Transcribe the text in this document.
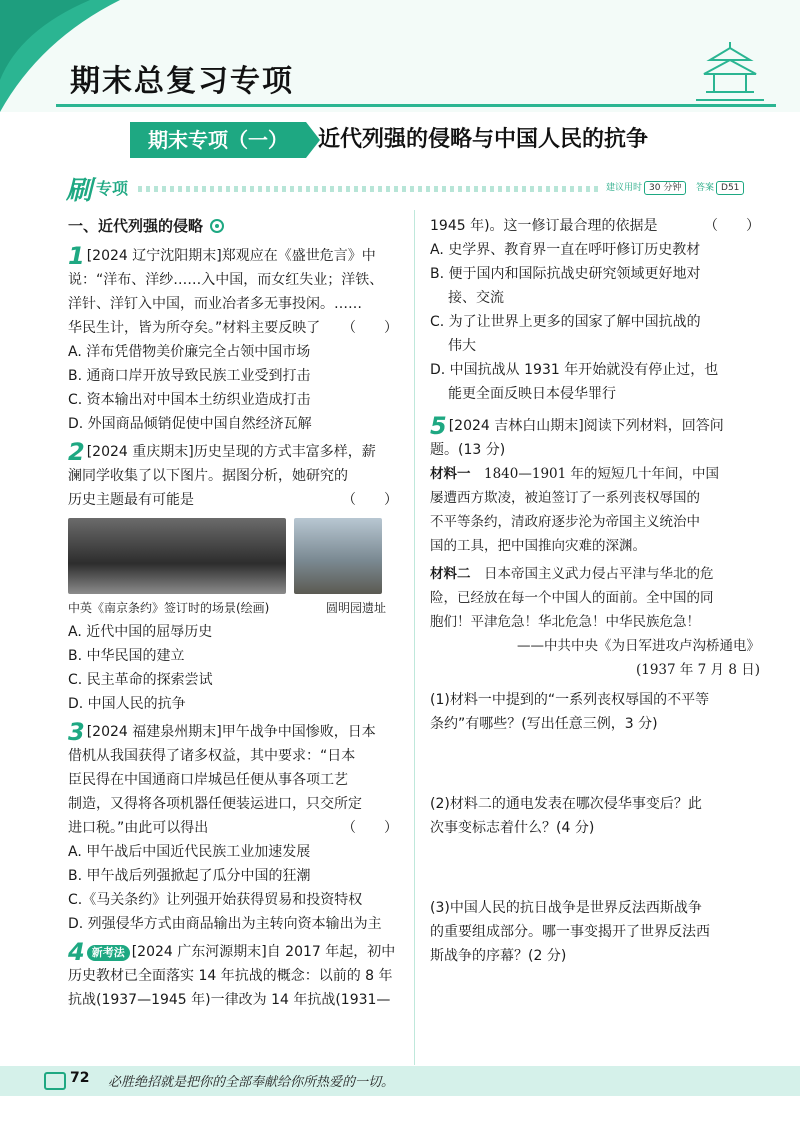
期末总复习专项
期末专项（一）	近代列强的侵略与中国人民的抗争
刷 专项	建议用时 30 分钟	答案 D51
一、近代列强的侵略
1 [2024 辽宁沈阳期末]郑观应在《盛世危言》中
说：“洋布、洋纱……入中国，而女红失业；洋铁、
洋针、洋钉入中国，而业冶者多无事投闲。……
（　　）
华民生计，皆为所夺矣。”材料主要反映了
A. 洋布凭借物美价廉完全占领中国市场
B. 通商口岸开放导致民族工业受到打击
C. 资本输出对中国本土纺织业造成打击
D. 外国商品倾销促使中国自然经济瓦解
2 [2024 重庆期末]历史呈现的方式丰富多样，薪
澜同学收集了以下图片。据图分析，她研究的
（　　）
历史主题最有可能是
中英《南京条约》签订时的场景(绘画)	圆明园遗址
A. 近代中国的屈辱历史
B. 中华民国的建立
C. 民主革命的探索尝试
D. 中国人民的抗争
3 [2024 福建泉州期末]甲午战争中国惨败，日本
借机从我国获得了诸多权益，其中要求：“日本
臣民得在中国通商口岸城邑任便从事各项工艺
制造，又得将各项机器任便装运进口，只交所定
（　　）
进口税。”由此可以得出
A. 甲午战后中国近代民族工业加速发展
B. 甲午战后列强掀起了瓜分中国的狂潮
C.《马关条约》让列强开始获得贸易和投资特权
D. 列强侵华方式由商品输出为主转向资本输出为主
4 新考法 [2024 广东河源期末]自 2017 年起，初中
历史教材已全面落实 14 年抗战的概念：以前的 8 年
抗战(1937—1945 年)一律改为 14 年抗战(1931—
（　　）
1945 年)。这一修订最合理的依据是
A. 史学界、教育界一直在呼吁修订历史教材
B. 便于国内和国际抗战史研究领域更好地对
接、交流
C. 为了让世界上更多的国家了解中国抗战的
伟大
D. 中国抗战从 1931 年开始就没有停止过，也
能更全面反映日本侵华罪行
5 [2024 吉林白山期末]阅读下列材料，回答问
题。(13 分)
材料一　1840—1901 年的短短几十年间，中国
屡遭西方欺凌，被迫签订了一系列丧权辱国的
不平等条约，清政府逐步沦为帝国主义统治中
国的工具，把中国推向灾难的深渊。
材料二　日本帝国主义武力侵占平津与华北的危
险，已经放在每一个中国人的面前。全中国的同
胞们！平津危急！华北危急！中华民族危急！
——中共中央《为日军进攻卢沟桥通电》
(1937 年 7 月 8 日)
(1)材料一中提到的“一系列丧权辱国的不平等
条约”有哪些？(写出任意三例，3 分)
(2)材料二的通电发表在哪次侵华事变后？此
次事变标志着什么？(4 分)
(3)中国人民的抗日战争是世界反法西斯战争
的重要组成部分。哪一事变揭开了世界反法西
斯战争的序幕？(2 分)
72 必胜绝招就是把你的全部奉献给你所热爱的一切。
